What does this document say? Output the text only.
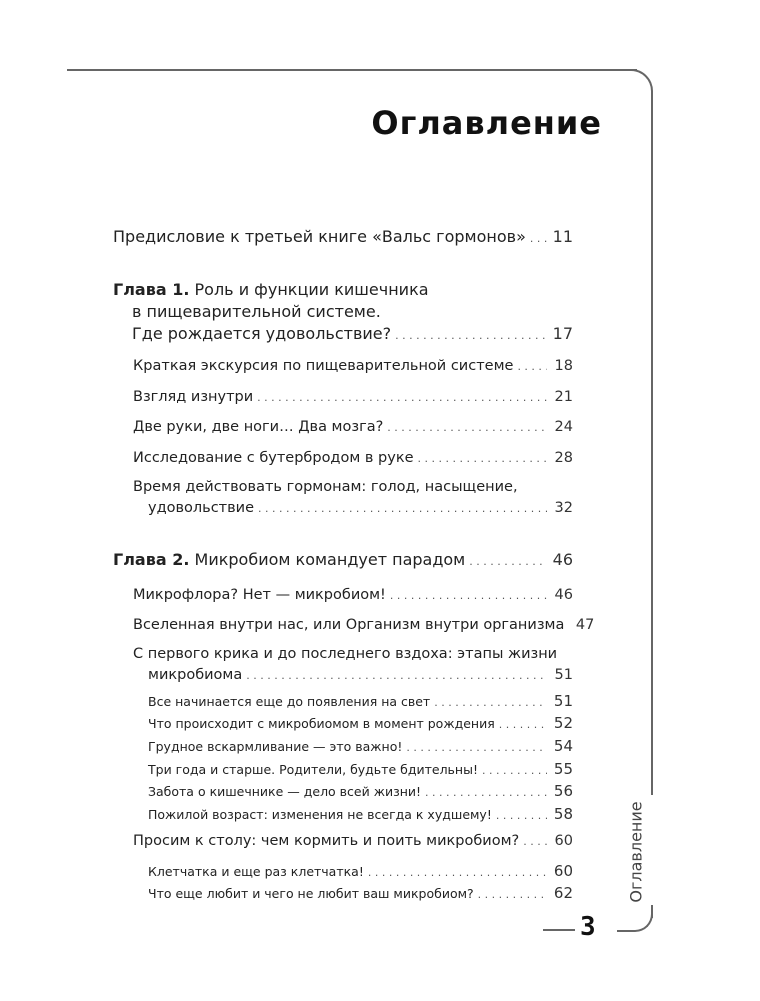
Оглавление
3
Оглавление
Предисловие к третьей книге «Вальс гормонов» . . . 11
Глава 1. Роль и функции кишечника
в пищеварительной системе.
Где рождается удовольствие? . . .	17
Краткая экскурсия по пищеварительной системе . . .	18
Взгляд изнутри . . .	21
Две руки, две ноги… Два мозга? . . .	24
Исследование с бутербродом в руке . . .	28
Время действовать гормонам: голод, насыщение,
удовольствие . . .	32
Глава 2. Микробиом командует парадом . . .	46
Микрофлора? Нет — микробиом! . . .	46
Вселенная внутри нас, или Организм внутри организма 47
С первого крика и до последнего вздоха: этапы жизни
микробиома . . .	51
Все начинается еще до появления на свет . . .	51
Что происходит с микробиомом в момент рождения . . .	52
Грудное вскармливание — это важно! . . .	54
Три года и старше. Родители, будьте бдительны! . . .	55
Забота о кишечнике — дело всей жизни! . . .	56
Пожилой возраст: изменения не всегда к худшему! . . .	58
Просим к столу: чем кормить и поить микробиом? . . . 60
Клетчатка и еще раз клетчатка! . . .	60
Что еще любит и чего не любит ваш микробиом? . . .	62
